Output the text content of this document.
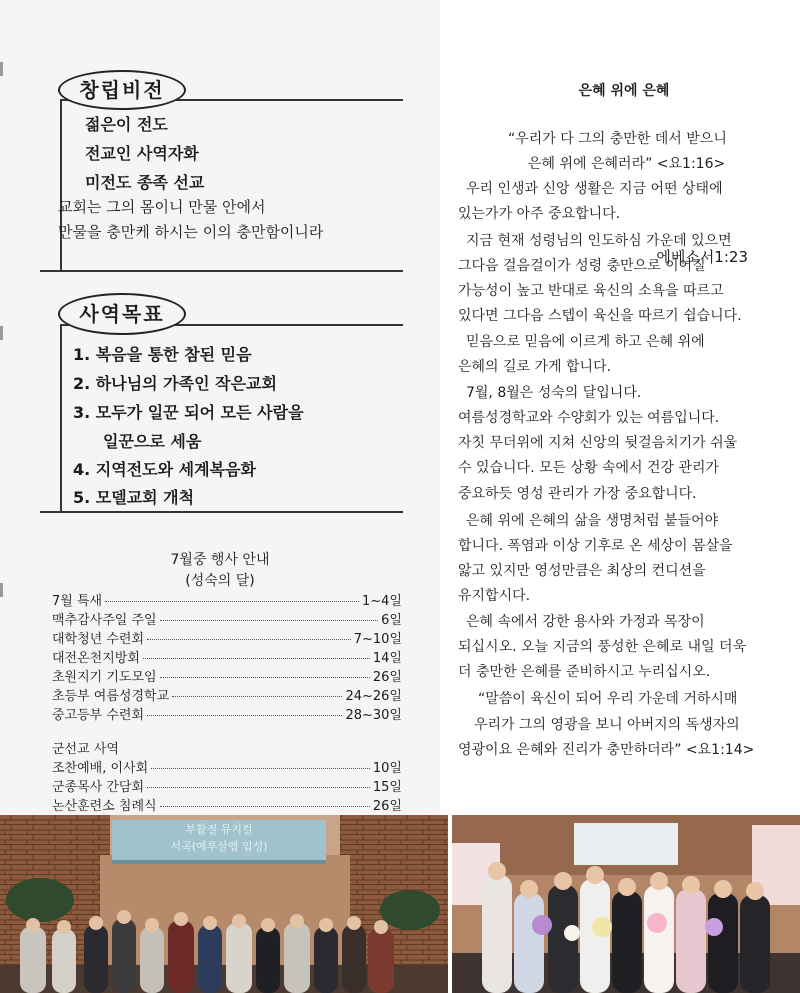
창립비전
젊은이 전도
전교인 사역자화
미전도 종족 선교
교회는 그의 몸이니 만물 안에서
만물을 충만케 하시는 이의 충만함이니라
에베소서1:23
사역목표
1. 복음을 통한 참된 믿음
2. 하나님의 가족인 작은교회
3. 모두가 일꾼 되어 모든 사람을
일꾼으로 세움
4. 지역전도와 세계복음화
5. 모델교회 개척
7월중 행사 안내
(성숙의 달)
7월 특새	1~4일
맥추감사주일 주일	6일
대학청년 수련회	7~10일
대전온천지방회	14일
초원지기 기도모임	26일
초등부 여름성경학교	24~26일
중고등부 수련회	28~30일
군선교 사역
조찬예배, 이사회	10일
군종목사 간담회	15일
논산훈련소 침례식	26일
은혜 위에 은혜
“우리가 다 그의 충만한 데서 받으니
은혜 위에 은혜러라” <요1:16>
우리 인생과 신앙 생활은 지금 어떤 상태에
있는가가 아주 중요합니다.
지금 현재 성령님의 인도하심 가운데 있으면
그다음 걸음걸이가 성령 충만으로 이어질
가능성이 높고 반대로 육신의 소욕을 따르고
있다면 그다음 스텝이 육신을 따르기 쉽습니다.
믿음으로 믿음에 이르게 하고 은혜 위에
은혜의 길로 가게 합니다.
7월, 8월은 성숙의 달입니다.
여름성경학교와 수양회가 있는 여름입니다.
자칫 무더위에 지쳐 신앙의 뒷걸음치기가 쉬울
수 있습니다. 모든 상황 속에서 건강 관리가
중요하듯 영성 관리가 가장 중요합니다.
은혜 위에 은혜의 삶을 생명처럼 붙들어야
합니다. 폭염과 이상 기후로 온 세상이 몸살을
앓고 있지만 영성만큼은 최상의 컨디션을
유지합시다.
은혜 속에서 강한 용사와 가정과 목장이
되십시오. 오늘 지금의 풍성한 은혜로 내일 더욱
더 충만한 은혜를 준비하시고 누리십시오.
“말씀이 육신이 되어 우리 가운데 거하시매
우리가 그의 영광을 보니 아버지의 독생자의
영광이요 은혜와 진리가 충만하더라” <요1:14>
부활절 뮤지컬
서곡(예루살렘 입성)
